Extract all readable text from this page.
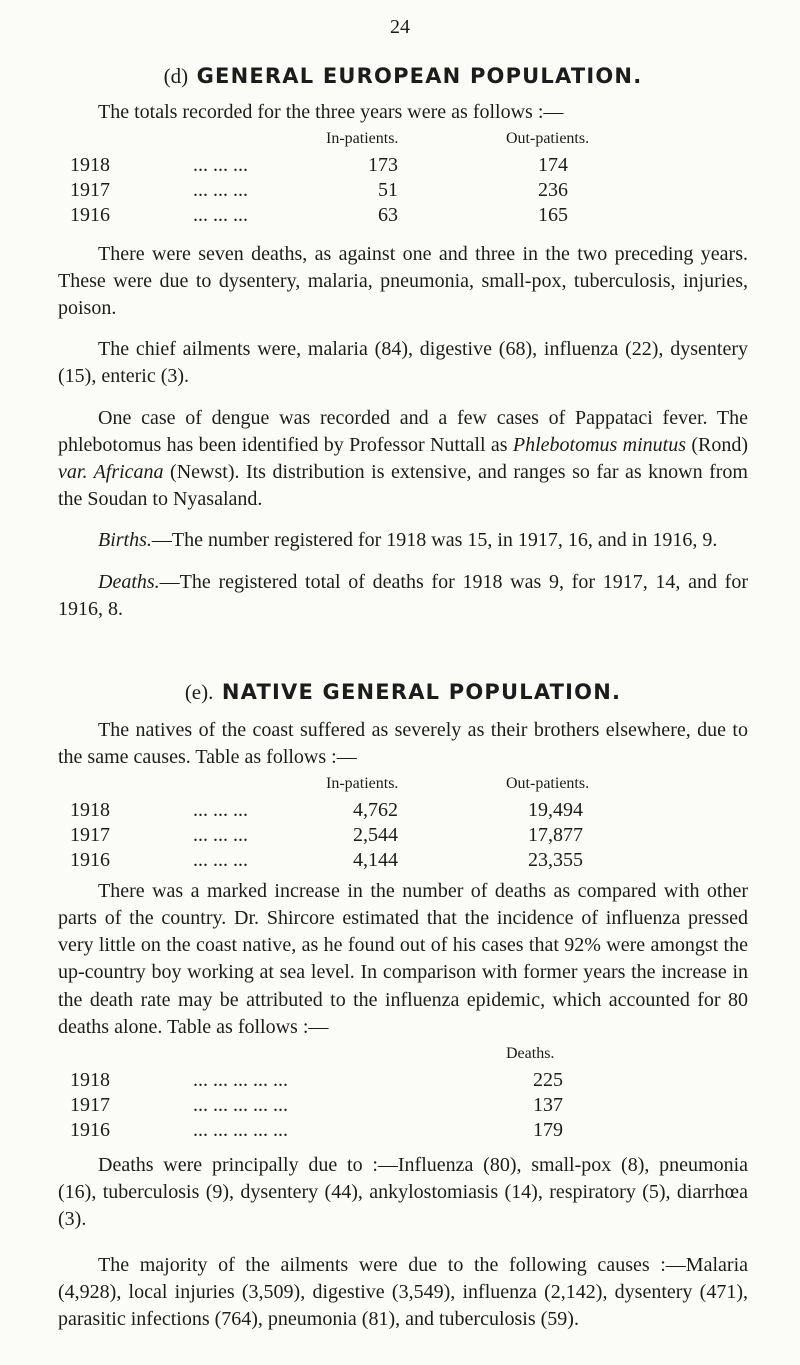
24
(d) GENERAL EUROPEAN POPULATION.

The totals recorded for the three years were as follows :—

In-patients.	Out-patients.
1918	... ... ...	173	174
1917	... ... ...	51	236
1916	... ... ...	63	165

There were seven deaths, as against one and three in the two preceding years. These were due to dysentery, malaria, pneumonia, small-pox, tuberculosis, injuries, poison.

The chief ailments were, malaria (84), digestive (68), influenza (22), dysentery (15), enteric (3).

One case of dengue was recorded and a few cases of Pappataci fever. The phlebotomus has been identified by Professor Nuttall as Phlebotomus minutus (Rond) var. Africana (Newst). Its distribution is extensive, and ranges so far as known from the Soudan to Nyasaland.

Births.—The number registered for 1918 was 15, in 1917, 16, and in 1916, 9.

Deaths.—The registered total of deaths for 1918 was 9, for 1917, 14, and for 1916, 8.

(e). NATIVE GENERAL POPULATION.

The natives of the coast suffered as severely as their brothers elsewhere, due to the same causes. Table as follows :—

In-patients.	Out-patients.
1918	... ... ...	4,762	19,494
1917	... ... ...	2,544	17,877
1916	... ... ...	4,144	23,355

There was a marked increase in the number of deaths as compared with other parts of the country. Dr. Shircore estimated that the incidence of influenza pressed very little on the coast native, as he found out of his cases that 92% were amongst the up-country boy working at sea level. In comparison with former years the increase in the death rate may be attributed to the influenza epidemic, which accounted for 80 deaths alone. Table as follows :—

Deaths.
1918	... ... ... ... ...	225
1917	... ... ... ... ...	137
1916	... ... ... ... ...	179

Deaths were principally due to :—Influenza (80), small-pox (8), pneumonia (16), tuberculosis (9), dysentery (44), ankylostomiasis (14), respiratory (5), diarrhœa (3).

The majority of the ailments were due to the following causes :—Malaria (4,928), local injuries (3,509), digestive (3,549), influenza (2,142), dysentery (471), parasitic infections (764), pneumonia (81), and tuberculosis (59).
